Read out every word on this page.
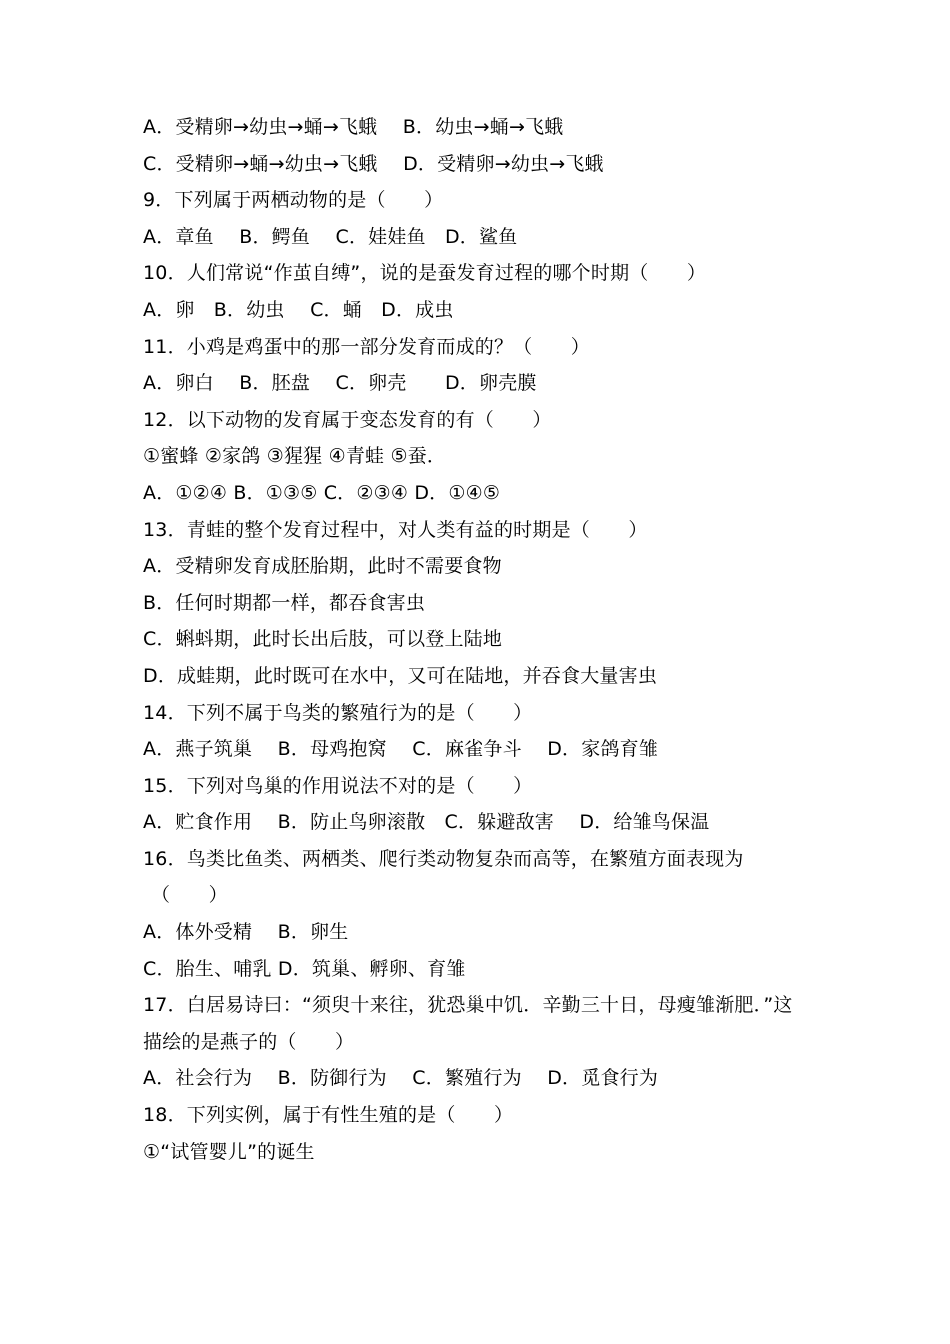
A．受精卵→幼虫→蛹→飞蛾　 B．幼虫→蛹→飞蛾
C．受精卵→蛹→幼虫→飞蛾　 D．受精卵→幼虫→飞蛾
9．下列属于两栖动物的是（　　）
A．章鱼　 B．鳄鱼　 C．娃娃鱼　D．鲨鱼
10．人们常说“作茧自缚”，说的是蚕发育过程的哪个时期（　　）
A．卵　B．幼虫　 C．蛹　D．成虫
11．小鸡是鸡蛋中的那一部分发育而成的？（　　）
A．卵白　 B．胚盘　 C．卵壳　　D．卵壳膜
12．以下动物的发育属于变态发育的有（　　）
①蜜蜂 ②家鸽 ③猩猩 ④青蛙 ⑤蚕．
A．①②④ B．①③⑤ C．②③④ D．①④⑤
13．青蛙的整个发育过程中，对人类有益的时期是（　　）
A．受精卵发育成胚胎期，此时不需要食物
B．任何时期都一样，都吞食害虫
C．蝌蚪期，此时长出后肢，可以登上陆地
D．成蛙期，此时既可在水中，又可在陆地，并吞食大量害虫
14．下列不属于鸟类的繁殖行为的是（　　）
A．燕子筑巢　 B．母鸡抱窝　 C．麻雀争斗　 D．家鸽育雏
15．下列对鸟巢的作用说法不对的是（　　）
A．贮食作用　 B．防止鸟卵滚散　C．躲避敌害　 D．给雏鸟保温
16．鸟类比鱼类、两栖类、爬行类动物复杂而高等，在繁殖方面表现为
（　　）
A．体外受精　 B．卵生
C．胎生、哺乳 D．筑巢、孵卵、育雏
17．白居易诗曰：“须臾十来往，犹恐巢中饥．辛勤三十日，母瘦雏渐肥．”这
描绘的是燕子的（　　）
A．社会行为　 B．防御行为　 C．繁殖行为　 D．觅食行为
18．下列实例，属于有性生殖的是（　　）
①“试管婴儿”的诞生
